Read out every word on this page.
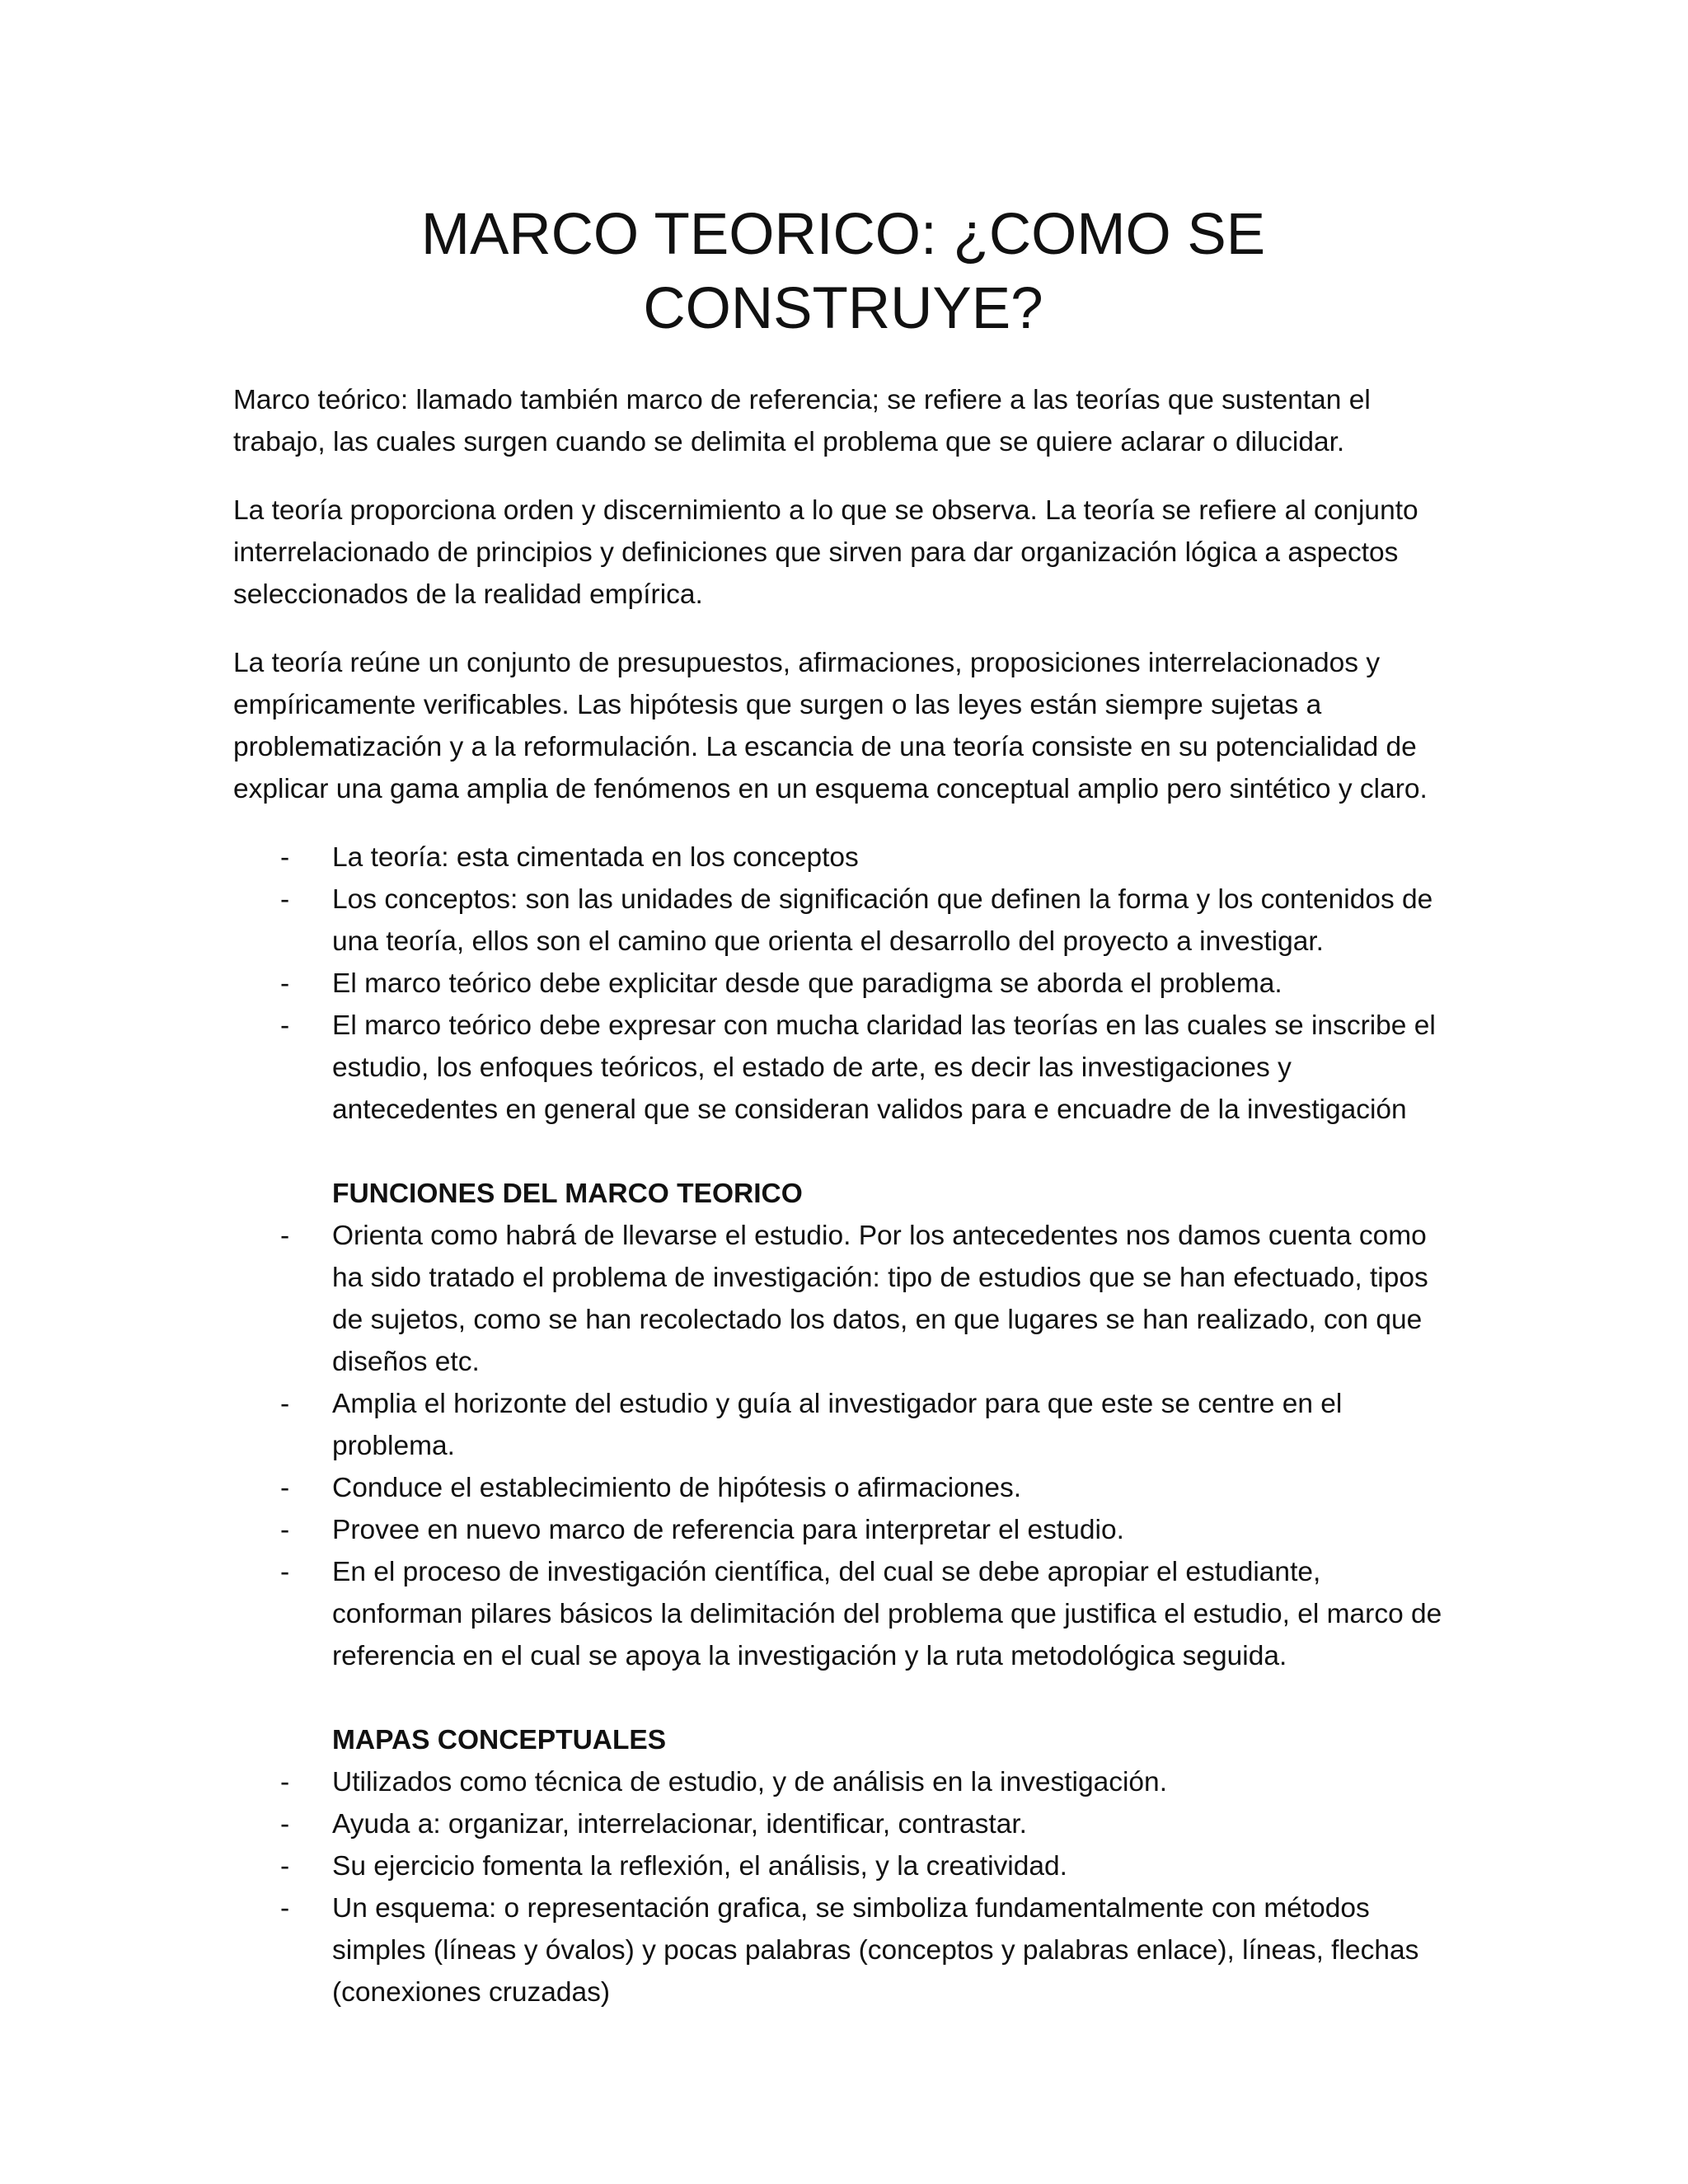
MARCO TEORICO: ¿COMO SE CONSTRUYE?

Marco teórico: llamado también marco de referencia; se refiere a las teorías que sustentan el trabajo, las cuales surgen cuando se delimita el problema que se quiere aclarar o dilucidar.

La teoría proporciona orden y discernimiento a lo que se observa. La teoría se refiere al conjunto interrelacionado de principios y definiciones que sirven para dar organización lógica a aspectos seleccionados de la realidad empírica.

La teoría reúne un conjunto de presupuestos, afirmaciones, proposiciones interrelacionados y empíricamente verificables. Las hipótesis que surgen o las leyes están siempre sujetas a problematización y a la reformulación. La escancia de una teoría consiste en su potencialidad de explicar una gama amplia de fenómenos en un esquema conceptual amplio pero sintético y claro.

- La teoría: esta cimentada en los conceptos
- Los conceptos: son las unidades de significación que definen la forma y los contenidos de una teoría, ellos son el camino que orienta el desarrollo del proyecto a investigar.
- El marco teórico debe explicitar desde que paradigma se aborda el problema.
- El marco teórico debe expresar con mucha claridad las teorías en las cuales se inscribe el estudio, los enfoques teóricos, el estado de arte, es decir las investigaciones y antecedentes en general que se consideran validos para e encuadre de la investigación
FUNCIONES DEL MARCO TEORICO
- Orienta como habrá de llevarse el estudio. Por los antecedentes nos damos cuenta como ha sido tratado el problema de investigación: tipo de estudios que se han efectuado, tipos de sujetos, como se han recolectado los datos, en que lugares se han realizado, con que diseños etc.
- Amplia el horizonte del estudio y guía al investigador para que este se centre en el problema.
- Conduce el establecimiento de hipótesis o afirmaciones.
- Provee en nuevo marco de referencia para interpretar el estudio.
- En el proceso de investigación científica, del cual se debe apropiar el estudiante, conforman pilares básicos la delimitación del problema que justifica el estudio, el marco de referencia en el cual se apoya la investigación y la ruta metodológica seguida.
MAPAS CONCEPTUALES
- Utilizados como técnica de estudio, y de análisis en la investigación.
- Ayuda a: organizar, interrelacionar, identificar, contrastar.
- Su ejercicio fomenta la reflexión, el análisis, y la creatividad.
- Un esquema: o representación grafica, se simboliza fundamentalmente con métodos simples (líneas y óvalos) y pocas palabras (conceptos y palabras enlace), líneas, flechas (conexiones cruzadas)
